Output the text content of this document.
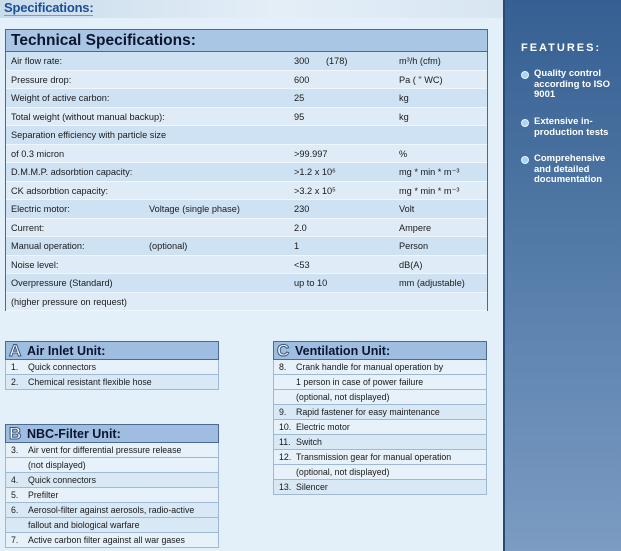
Specifications:
Technical Specifications:
Air flow rate:	300 (178)	m³/h (cfm)
Pressure drop:	600	Pa ( " WC)
Weight of active carbon:	25	kg
Total weight (without manual backup):	95	kg
Separation efficiency with particle size
of 0.3 micron	>99.997	%
D.M.M.P. adsorbtion capacity:	>1.2 x 10⁶	mg * min * m⁻³
CK adsorbtion capacity:	>3.2 x 10⁵	mg * min * m⁻³
Electric motor:	Voltage (single phase)	230	Volt
Current:	2.0	Ampere
Manual operation:	(optional)	1	Person
Noise level:	<53	dB(A)
Overpressure (Standard)	up to 10	mm (adjustable)
(higher pressure on request)
A Air Inlet Unit:
1. Quick connectors
2. Chemical resistant flexible hose
B NBC-Filter Unit:
3. Air vent for differential pressure release
(not displayed)
4. Quick connectors
5. Prefilter
6. Aerosol-filter against aerosols, radio-active
fallout and biological warfare
7. Active carbon filter against all war gases
C Ventilation Unit:
8. Crank handle for manual operation by
1 person in case of power failure
(optional, not displayed)
9. Rapid fastener for easy maintenance
10. Electric motor
11. Switch
12. Transmission gear for manual operation
(optional, not displayed)
13. Silencer
FEATURES:
Quality control according to ISO 9001
Extensive in-production tests
Comprehensive and detailed documentation
